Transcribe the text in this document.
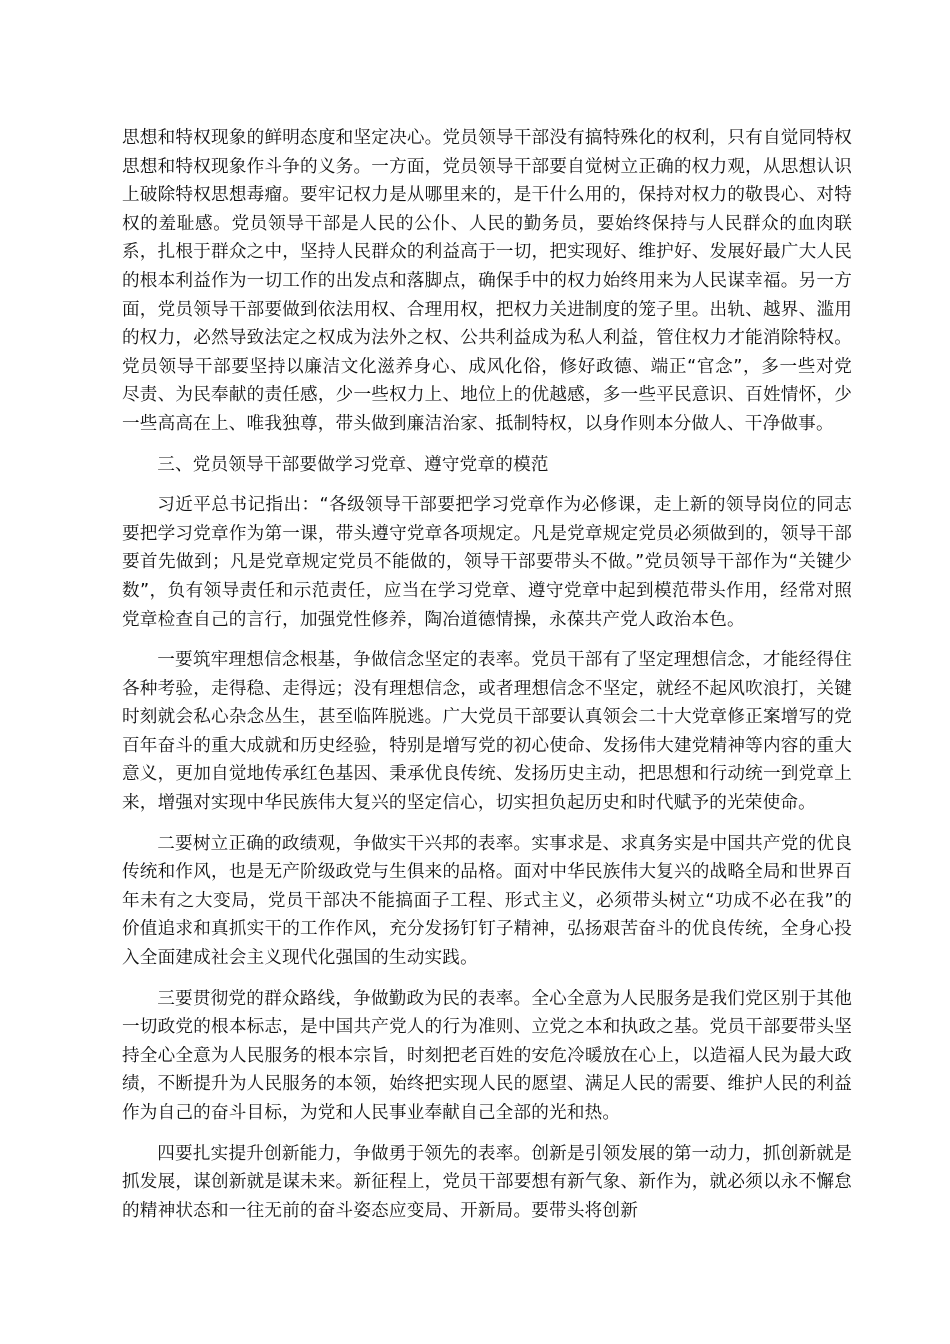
思想和特权现象的鲜明态度和坚定决心。党员领导干部没有搞特殊化的权利，只有自觉同特权思想和特权现象作斗争的义务。一方面，党员领导干部要自觉树立正确的权力观，从思想认识上破除特权思想毒瘤。要牢记权力是从哪里来的，是干什么用的，保持对权力的敬畏心、对特权的羞耻感。党员领导干部是人民的公仆、人民的勤务员，要始终保持与人民群众的血肉联系，扎根于群众之中，坚持人民群众的利益高于一切，把实现好、维护好、发展好最广大人民的根本利益作为一切工作的出发点和落脚点，确保手中的权力始终用来为人民谋幸福。另一方面，党员领导干部要做到依法用权、合理用权，把权力关进制度的笼子里。出轨、越界、滥用的权力，必然导致法定之权成为法外之权、公共利益成为私人利益，管住权力才能消除特权。党员领导干部要坚持以廉洁文化滋养身心、成风化俗，修好政德、端正“官念”，多一些对党尽责、为民奉献的责任感，少一些权力上、地位上的优越感，多一些平民意识、百姓情怀，少一些高高在上、唯我独尊，带头做到廉洁治家、抵制特权，以身作则本分做人、干净做事。

三、党员领导干部要做学习党章、遵守党章的模范

习近平总书记指出：“各级领导干部要把学习党章作为必修课，走上新的领导岗位的同志要把学习党章作为第一课，带头遵守党章各项规定。凡是党章规定党员必须做到的，领导干部要首先做到；凡是党章规定党员不能做的，领导干部要带头不做。”党员领导干部作为“关键少数”，负有领导责任和示范责任，应当在学习党章、遵守党章中起到模范带头作用，经常对照党章检查自己的言行，加强党性修养，陶冶道德情操，永葆共产党人政治本色。

一要筑牢理想信念根基，争做信念坚定的表率。党员干部有了坚定理想信念，才能经得住各种考验，走得稳、走得远；没有理想信念，或者理想信念不坚定，就经不起风吹浪打，关键时刻就会私心杂念丛生，甚至临阵脱逃。广大党员干部要认真领会二十大党章修正案增写的党百年奋斗的重大成就和历史经验，特别是增写党的初心使命、发扬伟大建党精神等内容的重大意义，更加自觉地传承红色基因、秉承优良传统、发扬历史主动，把思想和行动统一到党章上来，增强对实现中华民族伟大复兴的坚定信心，切实担负起历史和时代赋予的光荣使命。

二要树立正确的政绩观，争做实干兴邦的表率。实事求是、求真务实是中国共产党的优良传统和作风，也是无产阶级政党与生俱来的品格。面对中华民族伟大复兴的战略全局和世界百年未有之大变局，党员干部决不能搞面子工程、形式主义，必须带头树立“功成不必在我”的价值追求和真抓实干的工作作风，充分发扬钉钉子精神，弘扬艰苦奋斗的优良传统，全身心投入全面建成社会主义现代化强国的生动实践。

三要贯彻党的群众路线，争做勤政为民的表率。全心全意为人民服务是我们党区别于其他一切政党的根本标志，是中国共产党人的行为准则、立党之本和执政之基。党员干部要带头坚持全心全意为人民服务的根本宗旨，时刻把老百姓的安危冷暖放在心上，以造福人民为最大政绩，不断提升为人民服务的本领，始终把实现人民的愿望、满足人民的需要、维护人民的利益作为自己的奋斗目标，为党和人民事业奉献自己全部的光和热。

四要扎实提升创新能力，争做勇于领先的表率。创新是引领发展的第一动力，抓创新就是抓发展，谋创新就是谋未来。新征程上，党员干部要想有新气象、新作为，就必须以永不懈怠的精神状态和一往无前的奋斗姿态应变局、开新局。要带头将创新
